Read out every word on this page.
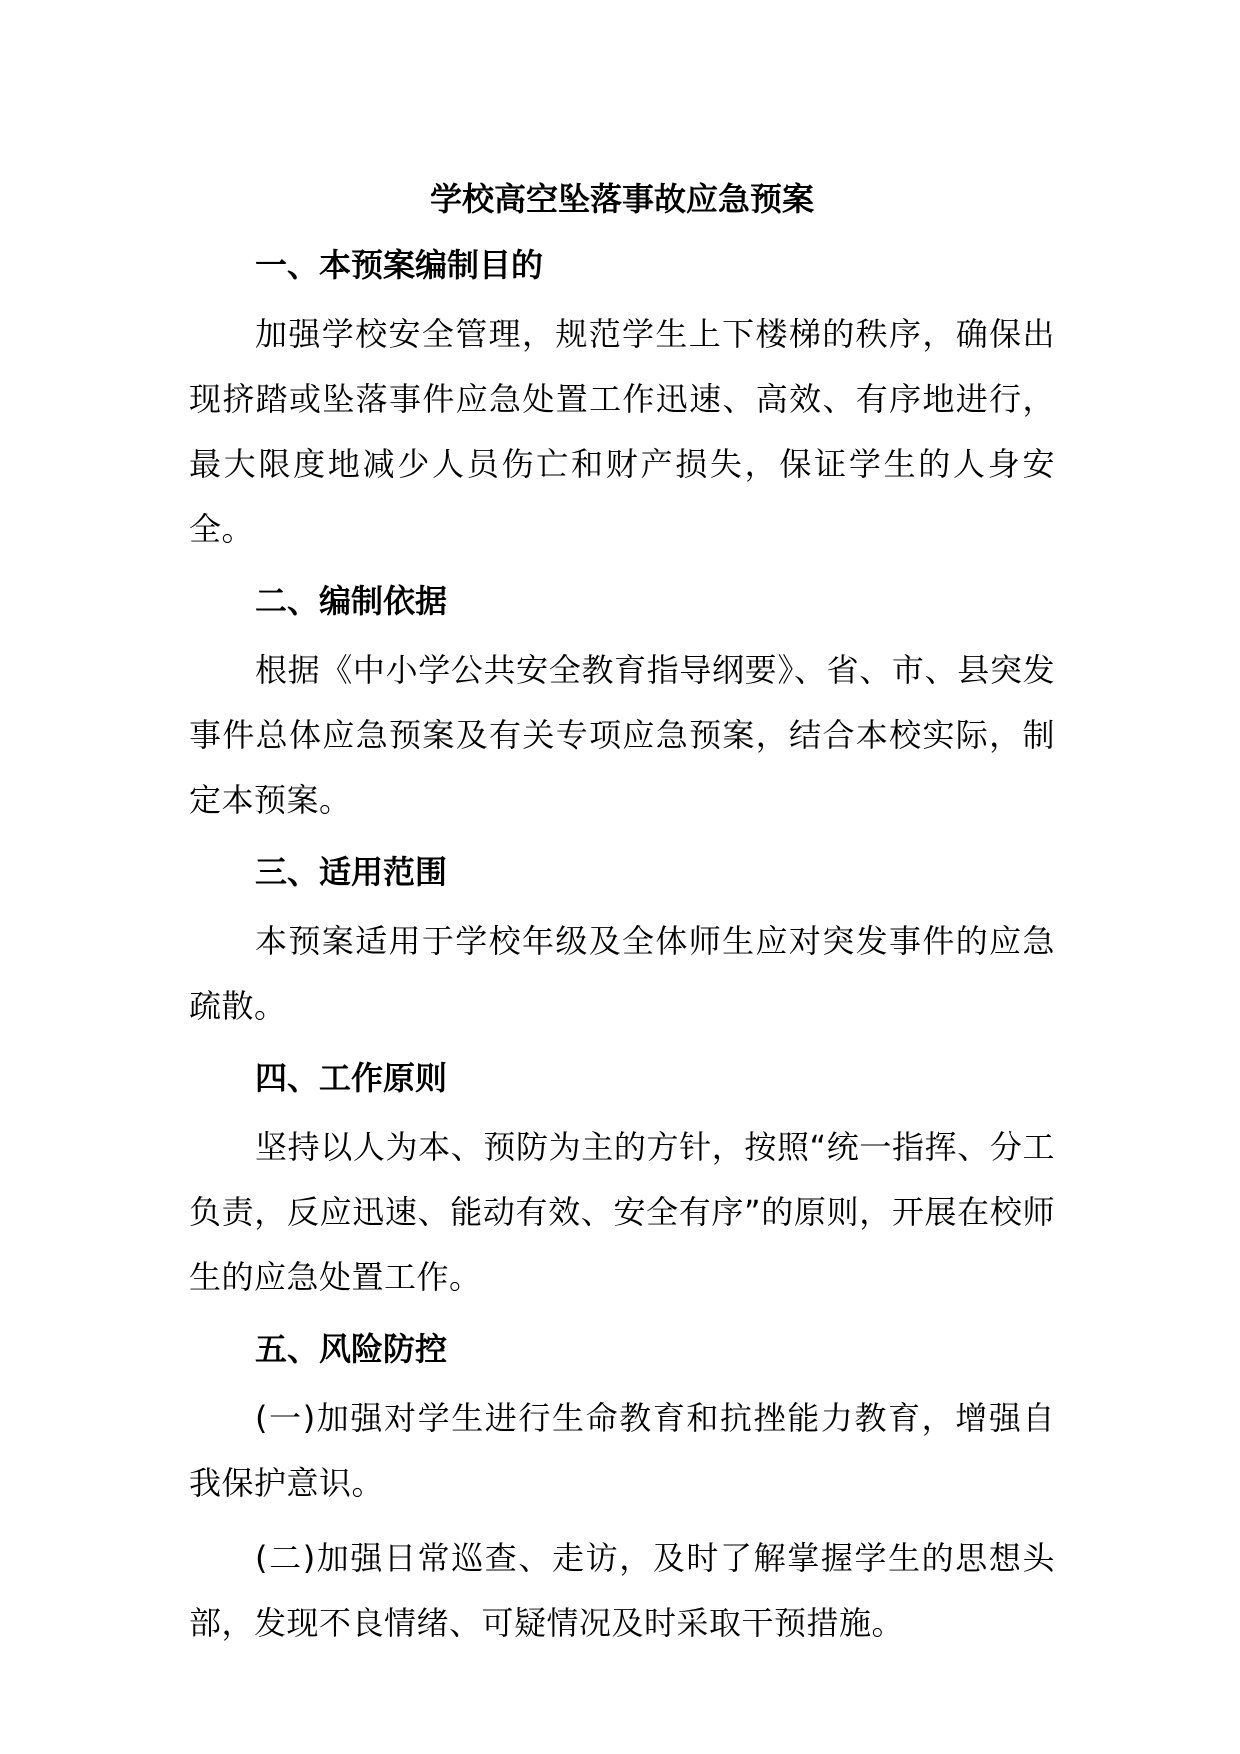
学校高空坠落事故应急预案
一、本预案编制目的

加强学校安全管理，规范学生上下楼梯的秩序，确保出现挤踏或坠落事件应急处置工作迅速、高效、有序地进行，最大限度地减少人员伤亡和财产损失，保证学生的人身安全。

二、编制依据

根据《中小学公共安全教育指导纲要》、省、市、县突发事件总体应急预案及有关专项应急预案，结合本校实际，制定本预案。

三、适用范围

本预案适用于学校年级及全体师生应对突发事件的应急疏散。

四、工作原则

坚持以人为本、预防为主的方针，按照“统一指挥、分工负责，反应迅速、能动有效、安全有序”的原则，开展在校师生的应急处置工作。

五、风险防控

(一)加强对学生进行生命教育和抗挫能力教育，增强自我保护意识。

(二)加强日常巡查、走访，及时了解掌握学生的思想头部，发现不良情绪、可疑情况及时采取干预措施。
